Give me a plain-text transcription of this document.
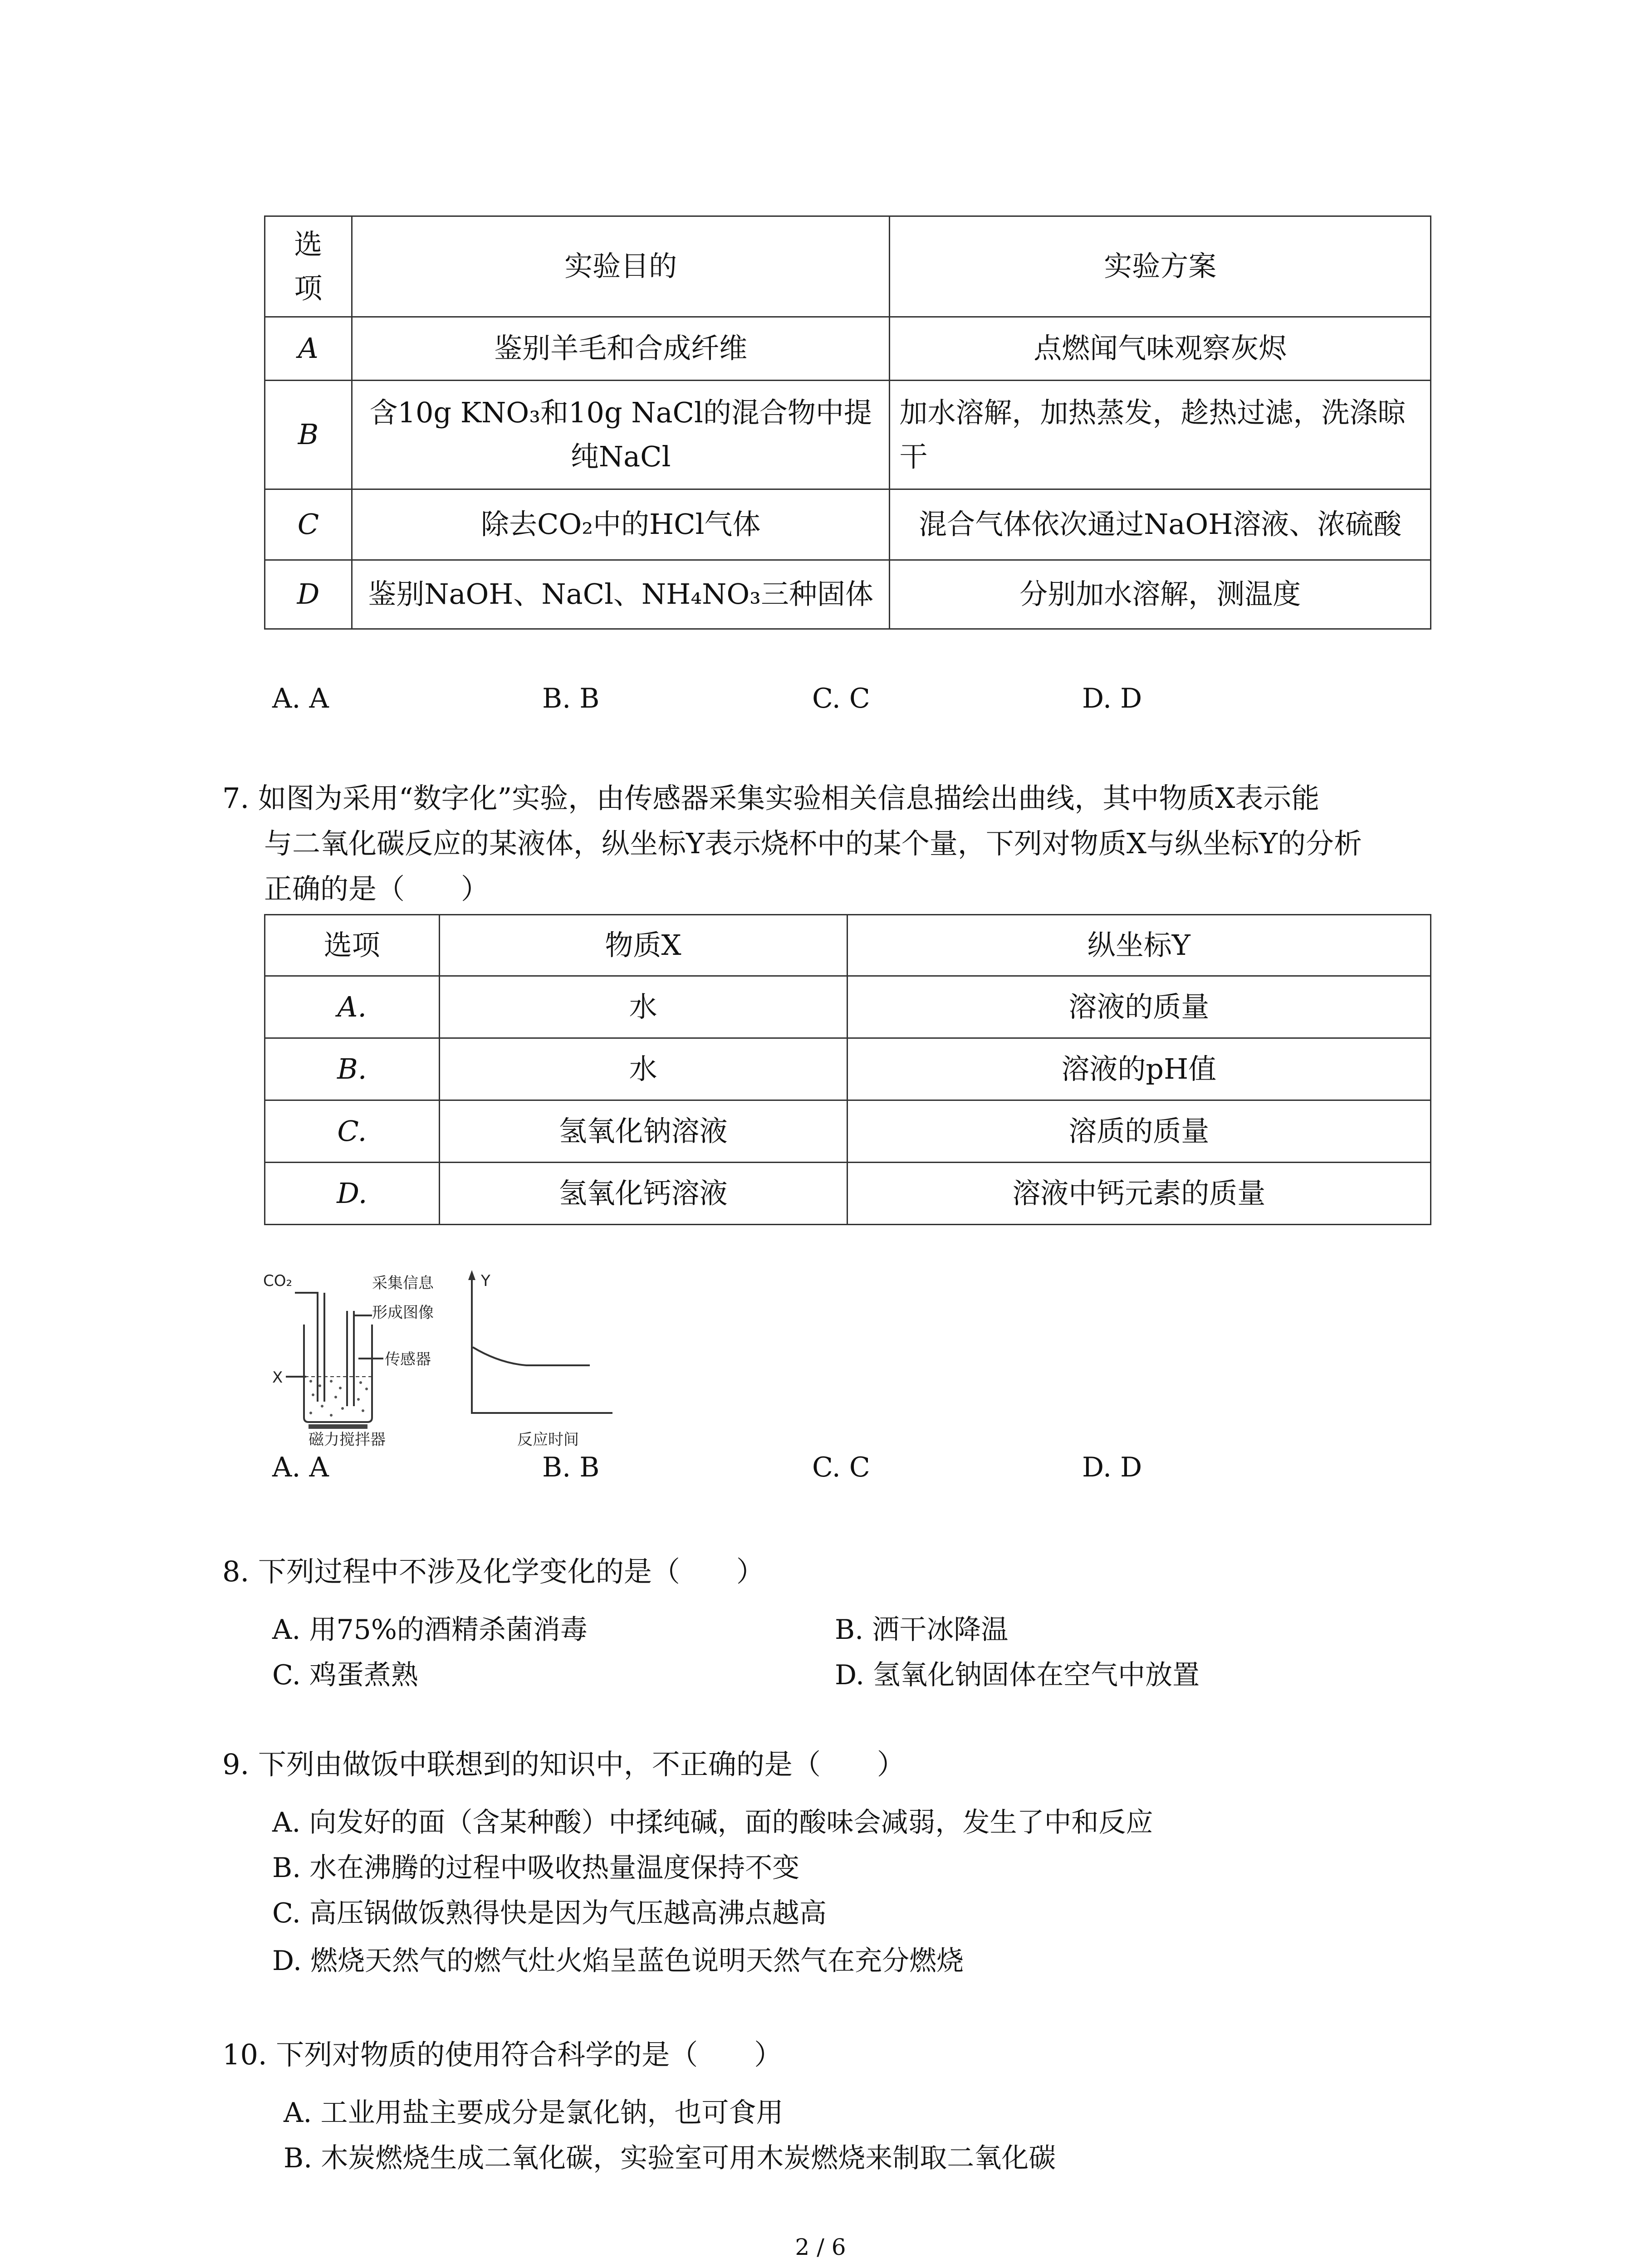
选
项	实验目的	实验方案
A	鉴别羊毛和合成纤维	点燃闻气味观察灰烬
B	含10g KNO₃和10g NaCl的混合物中提纯NaCl	加水溶解，加热蒸发，趁热过滤，洗涤晾干
C	除去CO₂中的HCl气体	混合气体依次通过NaOH溶液、浓硫酸
D	鉴别NaOH、NaCl、NH₄NO₃三种固体	分别加水溶解，测温度
A. A	B. B	C. C	D. D
7. 如图为采用“数字化”实验，由传感器采集实验相关信息描绘出曲线，其中物质X表示能
与二氧化碳反应的某液体，纵坐标Y表示烧杯中的某个量，下列对物质X与纵坐标Y的分析
正确的是（　　）
选项	物质X	纵坐标Y
A.	水	溶液的质量
B.	水	溶液的pH值
C.	氢氧化钠溶液	溶质的质量
D.	氢氧化钙溶液	溶液中钙元素的质量
CO₂	采集信息
形成图像
传感器
X
磁力搅拌器
Y
反应时间
A. A	B. B	C. C	D. D
8. 下列过程中不涉及化学变化的是（　　）
A. 用75%的酒精杀菌消毒	B. 洒干冰降温
C. 鸡蛋煮熟	D. 氢氧化钠固体在空气中放置
9. 下列由做饭中联想到的知识中，不正确的是（　　）
A. 向发好的面（含某种酸）中揉纯碱，面的酸味会减弱，发生了中和反应
B. 水在沸腾的过程中吸收热量温度保持不变
C. 高压锅做饭熟得快是因为气压越高沸点越高
D. 燃烧天然气的燃气灶火焰呈蓝色说明天然气在充分燃烧
10. 下列对物质的使用符合科学的是（　　）
A. 工业用盐主要成分是氯化钠，也可食用
B. 木炭燃烧生成二氧化碳，实验室可用木炭燃烧来制取二氧化碳
2 / 6
